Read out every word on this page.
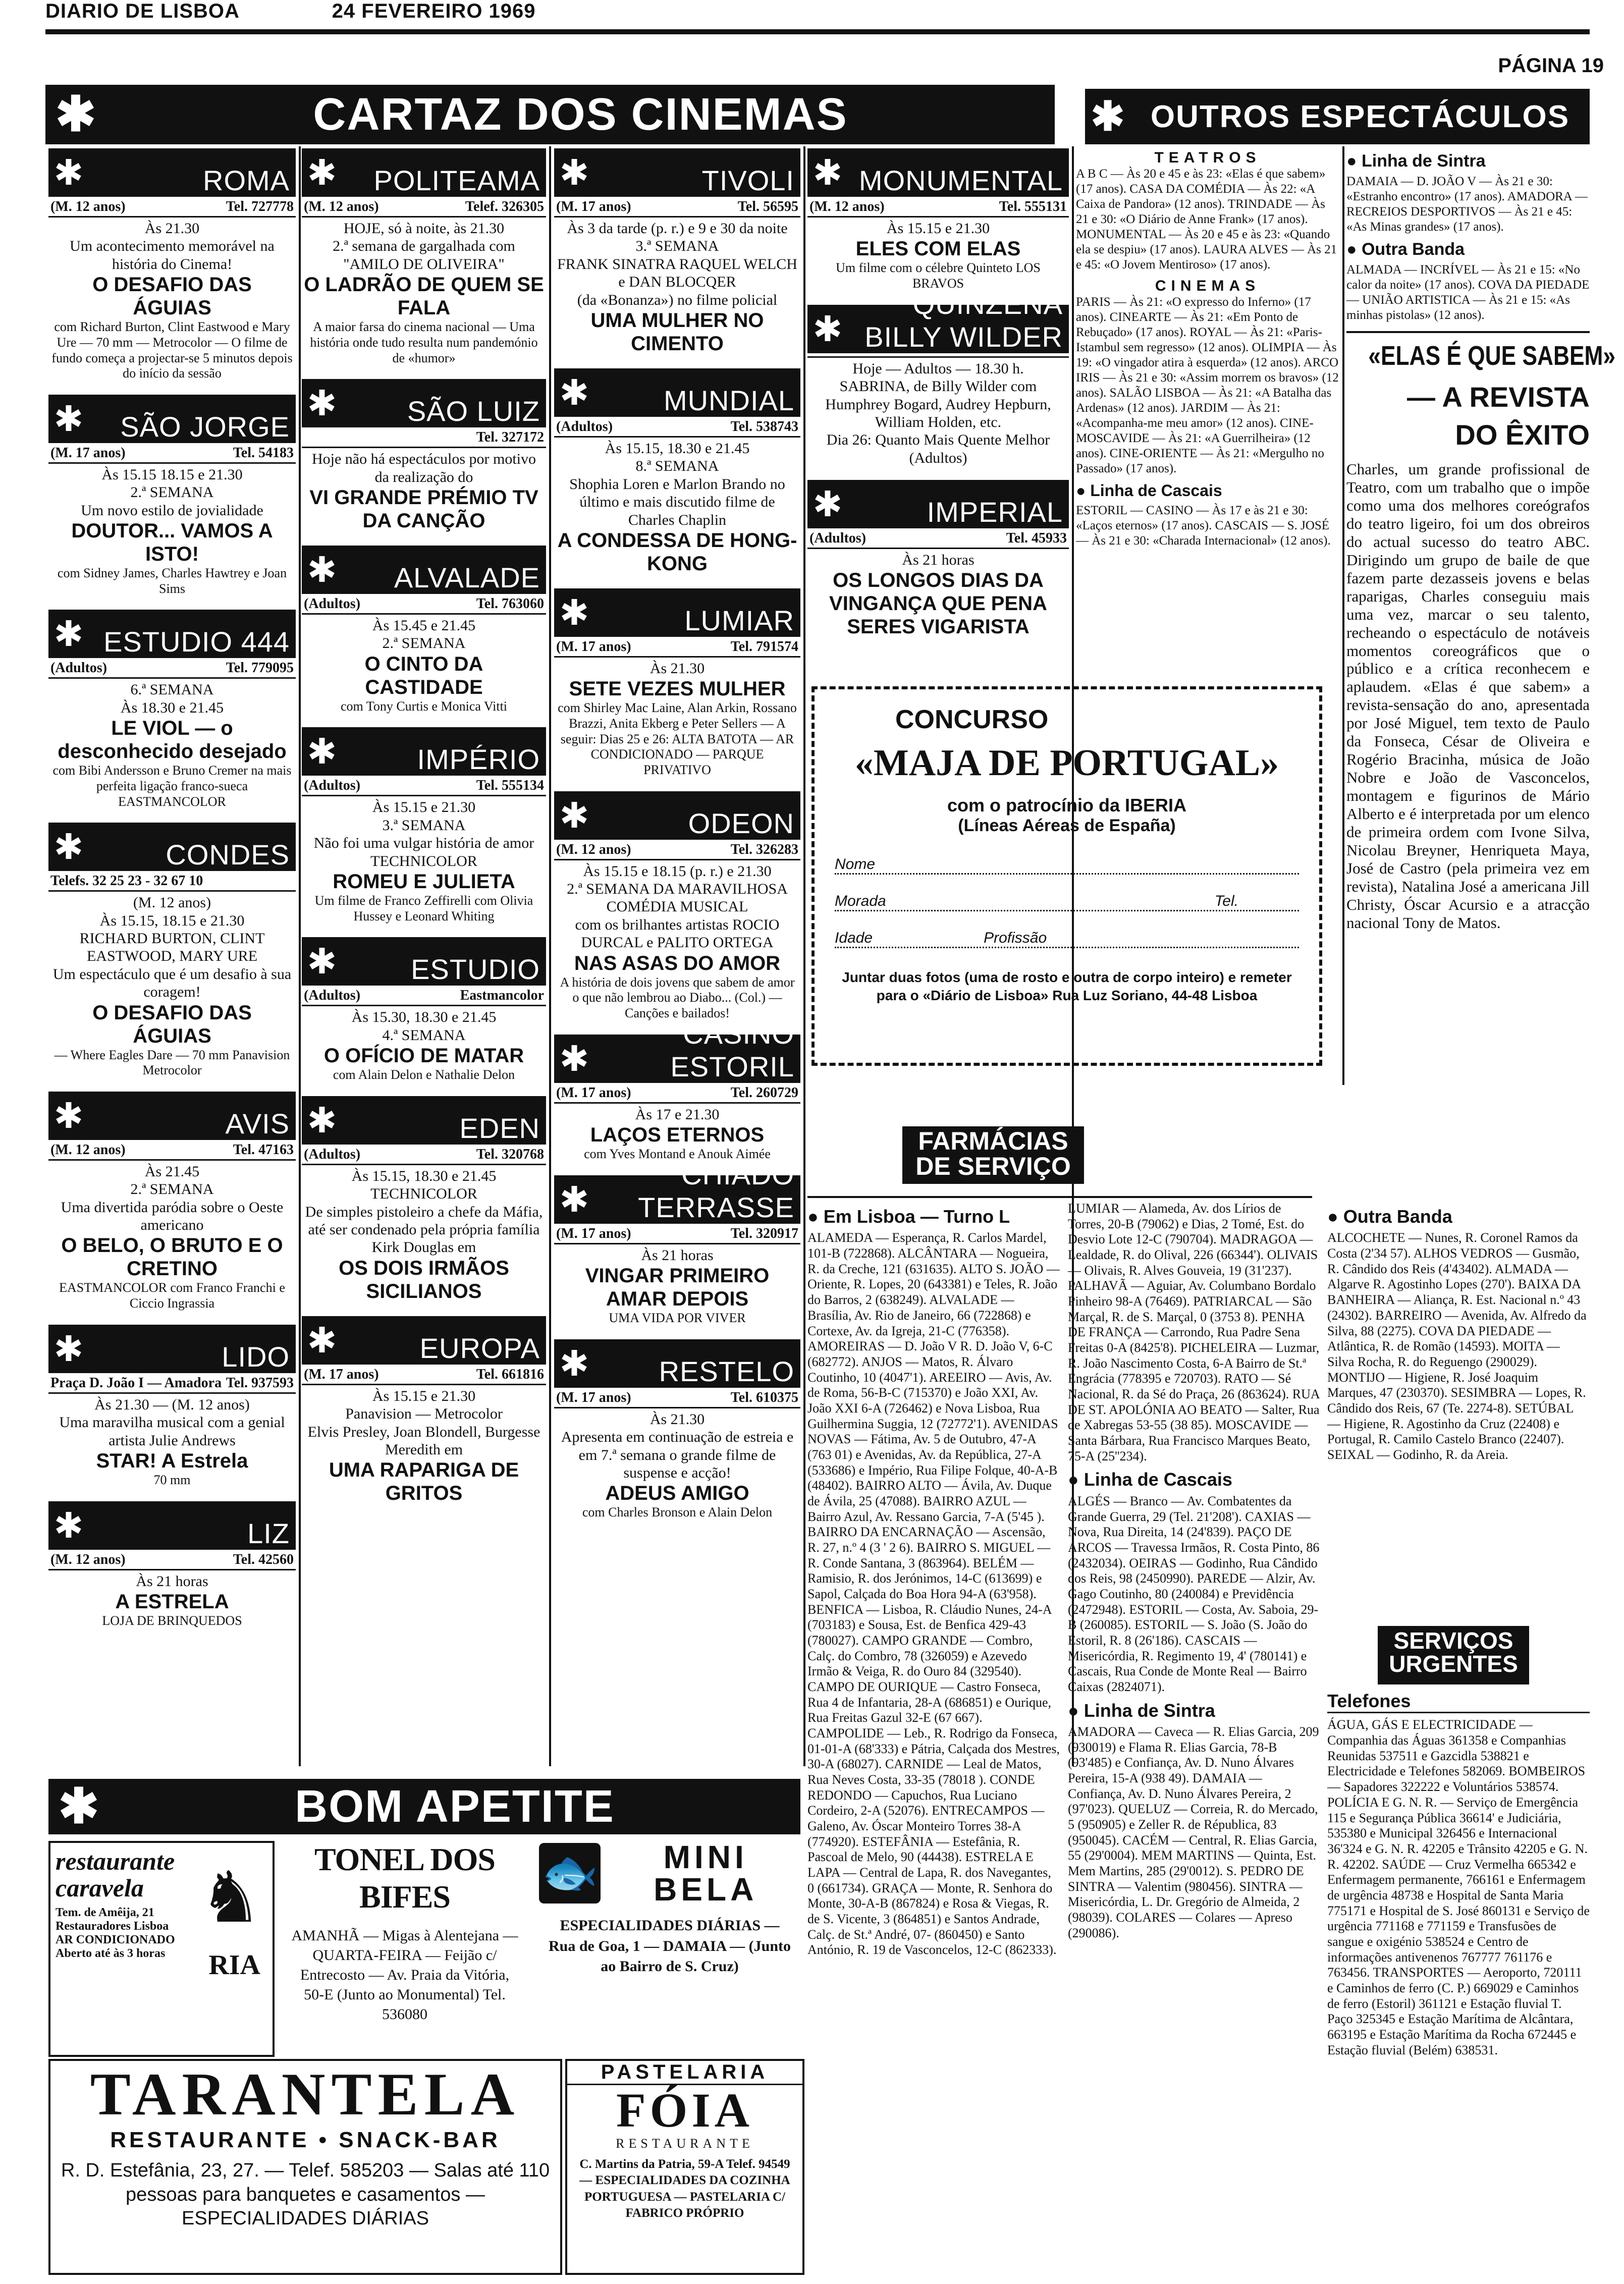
DIARIO DE LISBOA	24 FEVEREIRO 1969
PÁGINA 19
✱	CARTAZ DOS CINEMAS	✱ OUTROS ESPECTÁCULOS
✱	ROMA
(M. 12 anos)	Tel. 727778
Às 21.30
Um acontecimento memorável na história do Cinema!
O DESAFIO DAS ÁGUIAS
com Richard Burton, Clint Eastwood e Mary Ure — 70 mm — Metrocolor — O filme de fundo começa a projectar-se 5 minutos depois do início da sessão
✱	SÃO JORGE
(M. 17 anos)	Tel. 54183
Às 15.15 18.15 e 21.30
2.ª SEMANA
Um novo estilo de jovialidade
DOUTOR... VAMOS A ISTO!
com Sidney James, Charles Hawtrey e Joan Sims
✱ ESTUDIO 444
(Adultos)	Tel. 779095
6.ª SEMANA
Às 18.30 e 21.45
LE VIOL — o desconhecido desejado
com Bibi Andersson e Bruno Cremer na mais perfeita ligação franco-sueca EASTMANCOLOR
✱	CONDES
Telefs. 32 25 23 - 32 67 10
(M. 12 anos)
Às 15.15, 18.15 e 21.30
RICHARD BURTON, CLINT EASTWOOD, MARY URE
Um espectáculo que é um desafio à sua coragem!
O DESAFIO DAS ÁGUIAS
— Where Eagles Dare — 70 mm Panavision Metrocolor
✱	AVIS
(M. 12 anos)	Tel. 47163
Às 21.45
2.ª SEMANA
Uma divertida paródia sobre o Oeste americano
O BELO, O BRUTO E O CRETINO
EASTMANCOLOR com Franco Franchi e Ciccio Ingrassia
✱	LIDO
Praça D. João I — Amadora Tel. 937593
Às 21.30 — (M. 12 anos)
Uma maravilha musical com a genial artista Julie Andrews
STAR! A Estrela
70 mm
✱	LIZ
(M. 12 anos)	Tel. 42560
Às 21 horas
A ESTRELA
LOJA DE BRINQUEDOS
✱	POLITEAMA
(M. 12 anos)	Telef. 326305
HOJE, só à noite, às 21.30
2.ª semana de gargalhada com "AMILO DE OLIVEIRA"
O LADRÃO DE QUEM SE FALA
A maior farsa do cinema nacional — Uma história onde tudo resulta num pandemónio de «humor»
✱	SÃO LUIZ
Tel. 327172
Hoje não há espectáculos por motivo da realização do
VI GRANDE PRÉMIO TV DA CANÇÃO
✱	ALVALADE
(Adultos)	Tel. 763060
Às 15.45 e 21.45
2.ª SEMANA
O CINTO DA CASTIDADE
com Tony Curtis e Monica Vitti
✱	IMPÉRIO
(Adultos)	Tel. 555134
Às 15.15 e 21.30
3.ª SEMANA
Não foi uma vulgar história de amor
TECHNICOLOR
ROMEU E JULIETA
Um filme de Franco Zeffirelli com Olivia Hussey e Leonard Whiting
✱	ESTUDIO
(Adultos)	Eastmancolor
Às 15.30, 18.30 e 21.45
4.ª SEMANA
O OFÍCIO DE MATAR
com Alain Delon e Nathalie Delon
✱	EDEN
(Adultos)	Tel. 320768
Às 15.15, 18.30 e 21.45
TECHNICOLOR
De simples pistoleiro a chefe da Máfia, até ser condenado pela própria família
Kirk Douglas em
OS DOIS IRMÃOS SICILIANOS
✱	EUROPA
(M. 17 anos)	Tel. 661816
Às 15.15 e 21.30
Panavision — Metrocolor
Elvis Presley, Joan Blondell, Burgesse Meredith em
UMA RAPARIGA DE GRITOS
✱	TIVOLI
(M. 17 anos)	Tel. 56595
Às 3 da tarde (p. r.) e 9 e 30 da noite
3.ª SEMANA
FRANK SINATRA RAQUEL WELCH e DAN BLOCQER
(da «Bonanza») no filme policial
UMA MULHER NO CIMENTO
✱	MUNDIAL
(Adultos)	Tel. 538743
Às 15.15, 18.30 e 21.45
8.ª SEMANA
Shophia Loren e Marlon Brando no último e mais discutido filme de Charles Chaplin
A CONDESSA DE HONG-KONG
✱	LUMIAR
(M. 17 anos)	Tel. 791574
Às 21.30
SETE VEZES MULHER
com Shirley Mac Laine, Alan Arkin, Rossano Brazzi, Anita Ekberg e Peter Sellers — A seguir: Dias 25 e 26: ALTA BATOTA — AR CONDICIONADO — PARQUE PRIVATIVO
✱	ODEON
(M. 12 anos)	Tel. 326283
Às 15.15 e 18.15 (p. r.) e 21.30
2.ª SEMANA DA MARAVILHOSA COMÉDIA MUSICAL
com os brilhantes artistas ROCIO DURCAL e PALITO ORTEGA
NAS ASAS DO AMOR
A história de dois jovens que sabem de amor o que não lembrou ao Diabo... (Col.) — Canções e bailados!
✱
CASINO ESTORIL
(M. 17 anos)	Tel. 260729
Às 17 e 21.30
LAÇOS ETERNOS
com Yves Montand e Anouk Aimée
✱
CHIADO TERRASSE
(M. 17 anos)	Tel. 320917
Às 21 horas
VINGAR PRIMEIRO AMAR DEPOIS
UMA VIDA POR VIVER
✱	RESTELO
(M. 17 anos)	Tel. 610375
Às 21.30
Apresenta em continuação de estreia e em 7.ª semana o grande filme de suspense e acção!
ADEUS AMIGO
com Charles Bronson e Alain Delon
✱ MONUMENTAL
(M. 12 anos)	Tel. 555131
Às 15.15 e 21.30
ELES COM ELAS
Um filme com o célebre Quinteto LOS BRAVOS
✱
QUINZENA BILLY WILDER
Hoje — Adultos — 18.30 h.
SABRINA, de Billy Wilder com Humphrey Bogard, Audrey Hepburn, William Holden, etc.
Dia 26: Quanto Mais Quente Melhor (Adultos)
✱	IMPERIAL
(Adultos)	Tel. 45933
Às 21 horas
OS LONGOS DIAS DA VINGANÇA QUE PENA SERES VIGARISTA
CONCURSO
«MAJA DE PORTUGAL»
com o patrocínio da IBERIA
(Líneas Aéreas de España)
Nome
Morada	Tel.
Idade	Profissão
Juntar duas fotos (uma de rosto e outra de corpo inteiro) e remeter para o «Diário de Lisboa» Rua Luz Soriano, 44-48 Lisboa
TEATROS
A B C — Às 20 e 45 e às 23: «Elas é que sabem» (17 anos). CASA DA COMÉDIA — Às 22: «A Caixa de Pandora» (12 anos). TRINDADE — Às 21 e 30: «O Diário de Anne Frank» (17 anos). MONUMENTAL — Às 20 e 45 e às 23: «Quando ela se despiu» (17 anos). LAURA ALVES — Às 21 e 45: «O Jovem Mentiroso» (17 anos).
CINEMAS
PARIS — Às 21: «O expresso do Inferno» (17 anos). CINEARTE — Às 21: «Em Ponto de Rebuçado» (17 anos). ROYAL — Às 21: «Paris-Istambul sem regresso» (12 anos). OLIMPIA — Às 19: «O vingador atira à esquerda» (12 anos). ARCO IRIS — Às 21 e 30: «Assim morrem os bravos» (12 anos). SALÃO LISBOA — Às 21: «A Batalha das Ardenas» (12 anos). JARDIM — Às 21: «Acompanha-me meu amor» (12 anos). CINE-MOSCAVIDE — Às 21: «A Guerrilheira» (12 anos). CINE-ORIENTE — Às 21: «Mergulho no Passado» (17 anos).
● Linha de Cascais
ESTORIL — CASINO — Às 17 e às 21 e 30: «Laços eternos» (17 anos). CASCAIS — S. JOSÉ — Às 21 e 30: «Charada Internacional» (12 anos).
● Linha de Sintra
DAMAIA — D. JOÃO V — Às 21 e 30: «Estranho encontro» (17 anos). AMADORA — RECREIOS DESPORTIVOS — Às 21 e 45: «As Minas grandes» (17 anos).
● Outra Banda
ALMADA — INCRÍVEL — Às 21 e 15: «No calor da noite» (17 anos). COVA DA PIEDADE — UNIÃO ARTISTICA — Às 21 e 15: «As minhas pistolas» (12 anos).
«ELAS É QUE SABEM»
— A REVISTA
DO ÊXITO
Charles, um grande profissional de Teatro, com um trabalho que o impõe como uma dos melhores coreógrafos do teatro ligeiro, foi um dos obreiros do actual sucesso do teatro ABC. Dirigindo um grupo de baile de que fazem parte dezasseis jovens e belas raparigas, Charles conseguiu mais uma vez, marcar o seu talento, rechеando o espectáculo de notáveis momentos coreográficos que o público e a crítica reconhecem e aplaudem. «Elas é que sabem» a revista-sensação do ano, apresentada por José Miguel, tem texto de Paulo da Fonseca, César de Oliveira e Rogério Bracinha, música de João Nobre e João de Vasconcelos, montagem e figurinos de Mário Alberto e é interpretada por um elenco de primeira ordem com Ivone Silva, Nicolau Breyner, Henriqueta Maya, José de Castro (pela primeira vez em revista), Natalina José a americana Jill Christy, Óscar Acursio e a atracção nacional Tony de Matos.
FARMÁCIAS DE SERVIÇO
● Em Lisboa — Turno L
ALAMEDA — Esperança, R. Carlos Mardel, 101-B (722868). ALCÂNTARA — Nogueira, R. da Creche, 121 (631635). ALTO S. JOÃO — Oriente, R. Lopes, 20 (643381) e Teles, R. João do Barros, 2 (638249). ALVALADE — Brasília, Av. Rio de Janeiro, 66 (722868) e Cortexe, Av. da Igreja, 21-C (776358). AMOREIRAS — D. João V R. D. João V, 6-C (682772). ANJOS — Matos, R. Álvaro Coutinho, 10 (4047'1). AREEIRO — Avis, Av. de Roma, 56-B-C (715370) e João XXI, Av. João XXI 6-A (726462) e Nova Lisboa, Rua Guilhermina Suggia, 12 (72772'1). AVENIDAS NOVAS — Fátima, Av. 5 de Outubro, 47-A (763 01) e Avenidas, Av. da República, 27-A (533686) e Império, Rua Filipe Folque, 40-A-B (48402). BAIRRO ALTO — Ávila, Av. Duque de Ávila, 25 (47088). BAIRRO AZUL — Bairro Azul, Av. Ressano Garcia, 7-A (5'45 ). BAIRRO DA ENCARNAÇÃO — Ascensão, R. 27, n.º 4 (3 ' 2 6). BAIRRO S. MIGUEL — R. Conde Santana, 3 (863964). BELÉM — Ramisio, R. dos Jerónimos, 14-C (613699) e Sapol, Calçada do Boa Hora 94-A (63'958). BENFICA — Lisboa, R. Cláudio Nunes, 24-A (703183) e Sousa, Est. de Benfica 429-43 (780027). CAMPO GRANDE — Combro, Calç. do Combro, 78 (326059) e Azevedo Irmão & Veiga, R. do Ouro 84 (329540). CAMPO DE OURIQUE — Castro Fonseca, Rua 4 de Infantaria, 28-A (686851) e Ourique, Rua Freitas Gazul 32-E (67 667). CAMPOLIDE — Leb., R. Rodrigo da Fonseca, 01-01-A (68'333) e Pátria, Calçada dos Mestres, 30-A (68027). CARNIDE — Leal de Matos, Rua Neves Costa, 33-35 (78018 ). CONDE REDONDO — Capuchos, Rua Luciano Cordeiro, 2-A (52076). ENTRECAMPOS — Galeno, Av. Óscar Monteiro Torres 38-A (774920). ESTEFÂNIA — Estefânia, R. Pascoal de Melo, 90 (44438). ESTRELA E LAPA — Central de Lapa, R. dos Navegantes, 0 (661734). GRAÇA — Monte, R. Senhora do Monte, 30-A-B (867824) e Rosa & Viegas, R. de S. Vicente, 3 (864851) e Santos Andrade, Calç. de St.ª André, 07- (860450) e Santo António, R. 19 de Vasconcelos, 12-C (862333).
LUMIAR — Alameda, Av. dos Lírios de Torres, 20-B (79062) e Dias, 2 Tomé, Est. do Desvio Lote 12-C (790704). MADRAGOA — Lealdade, R. do Olival, 226 (66344'). OLIVAIS — Olivais, R. Alves Gouveia, 19 (31'237). PALHAVÃ — Aguiar, Av. Columbano Bordalo Pinheiro 98-A (76469). PATRIARCAL — São Marçal, R. de S. Marçal, 0 (3753 8). PENHA DE FRANÇA — Carrondo, Rua Padre Sena Freitas 0-A (8425'8). PICHELEIRA — Luzmar, R. João Nascimento Costa, 6-A Bairro de St.ª Engrácia (778395 e 720703). RATO — Sé Nacional, R. da Sé do Praça, 26 (863624). RUA DE ST. APOLÓNIA AO BEATO — Salter, Rua de Xabregas 53-55 (38 85). MOSCAVIDE — Santa Bárbara, Rua Francisco Marques Beato, 75-A (25''234).
● Linha de Cascais
ALGÉS — Branco — Av. Combatentes da Grande Guerra, 29 (Tel. 21'208'). CAXIAS — Nova, Rua Direita, 14 (24'839). PAÇO DE ARCOS — Travessa Irmãos, R. Costa Pinto, 86 (2432034). OEIRAS — Godinho, Rua Cândido dos Reis, 98 (2450990). PAREDE — Alzir, Av. Gago Coutinho, 80 (240084) e Previdência (2472948). ESTORIL — Costa, Av. Saboia, 29-B (260085). ESTORIL — S. João (S. João do Estoril, R. 8 (26'186). CASCAIS — Misericórdia, R. Regimento 19, 4' (780141) e Cascais, Rua Conde de Monte Real — Bairro Caixas (2824071).
● Linha de Sintra
AMADORA — Caveca — R. Elias Garcia, 209 (930019) e Flama R. Elias Garcia, 78-B (93'485) e Confiança, Av. D. Nuno Álvares Pereira, 15-A (938 49). DAMAIA — Confiança, Av. D. Nuno Álvares Pereira, 2 (97'023). QUELUZ — Correia, R. do Mercado, 5 (950905) e Zeller R. de Républica, 83 (950045). CACÉM — Central, R. Elias Garcia, 55 (29'0004). MEM MARTINS — Quinta, Est. Mem Martins, 285 (29'0012). S. PEDRO DE SINTRA — Valentim (980456). SINTRA — Misericórdia, L. Dr. Gregório de Almeida, 2 (98039). COLARES — Colares — Apreso (290086).
● Outra Banda
ALCOCHETE — Nunes, R. Coronel Ramos da Costa (2'34 57). ALHOS VEDROS — Gusmão, R. Cândido dos Reis (4'43402). ALMADA — Algarve R. Agostinho Lopes (270'). BAIXA DA BANHEIRA — Aliança, R. Est. Nacional n.º 43 (24302). BARREIRO — Avenida, Av. Alfredo da Silva, 88 (2275). COVA DA PIEDADE — Atlântica, R. de Romão (14593). MOITA — Silva Rocha, R. do Reguengo (290029). MONTIJO — Higiene, R. José Joaquim Marques, 47 (230370). SESIMBRA — Lopes, R. Cândido dos Reis, 67 (Te. 2274-8). SETÚBAL — Higiene, R. Agostinho da Cruz (22408) e Portugal, R. Camilo Castelo Branco (22407). SEIXAL — Godinho, R. da Areia.
SERVIÇOS URGENTES
Telefones
ÁGUA, GÁS E ELECTRICIDADE — Companhia das Águas 361358 e Companhias Reunidas 537511 e Gazcidla 538821 e Electricidade e Telefones 582069. BOMBEIROS — Sapadores 322222 e Voluntários 538574. POLÍCIA E G. N. R. — Serviço de Emergência 115 e Segurança Pública 36614' e Judiciária, 535380 e Municipal 326456 e Internacional 36'324 e G. N. R. 42205 e Trânsito 42205 e G. N. R. 42202. SAÚDE — Cruz Vermelha 665342 e Enfermagem permanente, 766161 e Enfermagem de urgência 48738 e Hospital de Santa Maria 775171 e Hospital de S. José 860131 e Serviço de urgência 771168 e 771159 e Transfusões de sangue e oxigénio 538524 e Centro de informações antivenenos 767777 761176 e 763456. TRANSPORTES — Aeroporto, 720111 e Caminhos de ferro (C. P.) 669029 e Caminhos de ferro (Estoril) 361121 e Estação fluvial T. Paço 325345 e Estação Marítima de Alcântara, 663195 e Estação Marítima da Rocha 672445 e Estação fluvial (Belém) 638531.
✱	BOM APETITE
restaurante caravela ♞
RIA
Tem. de Amêija, 21 Restauradores Lisboa AR CONDICIONADO Aberto até às 3 horas
TONEL DOS BIFES
AMANHÃ — Migas à Alentejana — QUARTA-FEIRA — Feijão c/ Entrecosto — Av. Praia da Vitória, 50-E (Junto ao Monumental) Tel. 536080
🐟	MINI BELA
ESPECIALIDADES DIÁRIAS — Rua de Goa, 1 — DAMAIA — (Junto ao Bairro de S. Cruz)
TARANTELA
RESTAURANTE • SNACK-BAR
R. D. Estefânia, 23, 27. — Telef. 585203 — Salas até 110 pessoas para banquetes e casamentos — ESPECIALIDADES DIÁRIAS
PASTELARIA
FÓIA
RESTAURANTE
C. Martins da Patria, 59-A Telef. 94549 — ESPECIALIDADES DA COZINHA PORTUGUESA — PASTELARIA C/ FABRICO PRÓPRIO
